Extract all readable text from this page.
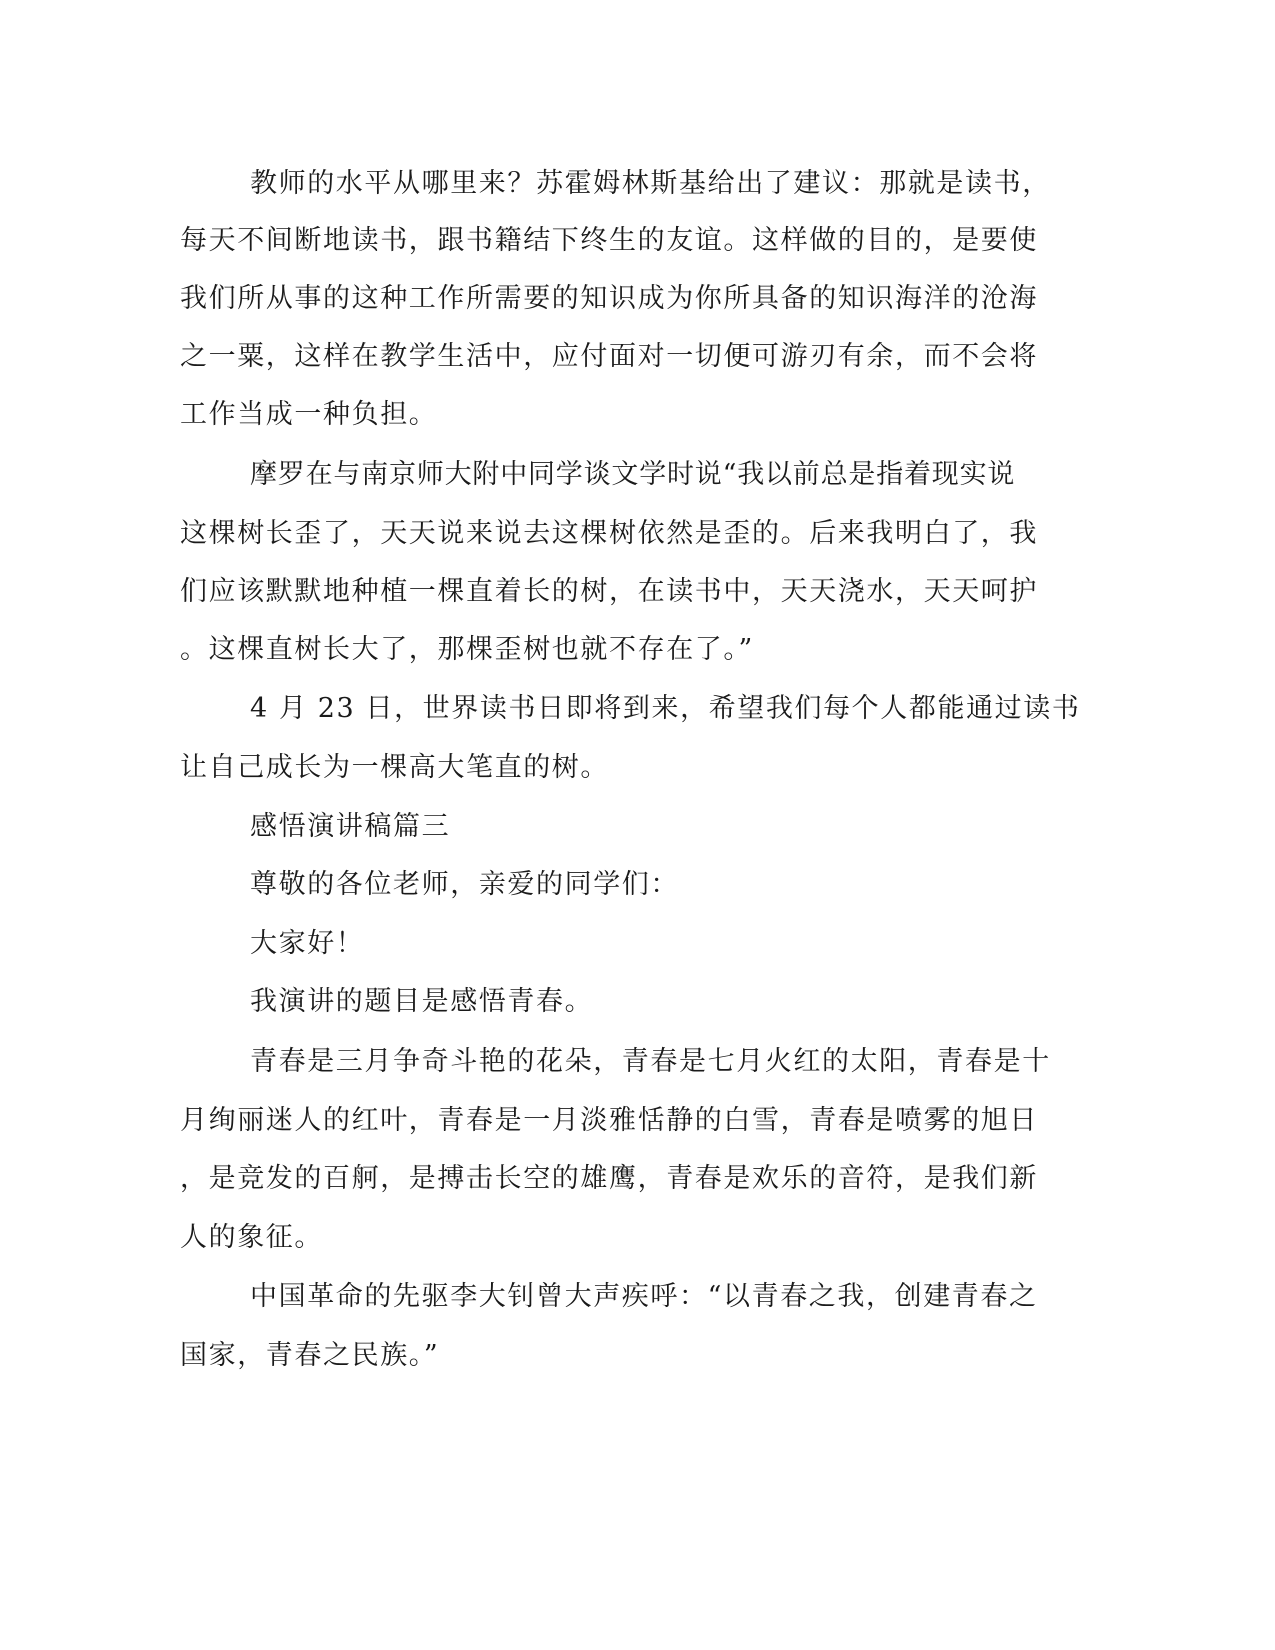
教师的水平从哪里来？苏霍姆林斯基给出了建议：那就是读书，
每天不间断地读书，跟书籍结下终生的友谊。这样做的目的，是要使
我们所从事的这种工作所需要的知识成为你所具备的知识海洋的沧海
之一粟，这样在教学生活中，应付面对一切便可游刃有余，而不会将
工作当成一种负担。
摩罗在与南京师大附中同学谈文学时说“我以前总是指着现实说
这棵树长歪了，天天说来说去这棵树依然是歪的。后来我明白了，我
们应该默默地种植一棵直着长的树，在读书中，天天浇水，天天呵护
。这棵直树长大了，那棵歪树也就不存在了。”
4 月 23 日，世界读书日即将到来，希望我们每个人都能通过读书
让自己成长为一棵高大笔直的树。
感悟演讲稿篇三
尊敬的各位老师，亲爱的同学们：
大家好！
我演讲的题目是感悟青春。
青春是三月争奇斗艳的花朵，青春是七月火红的太阳，青春是十
月绚丽迷人的红叶，青春是一月淡雅恬静的白雪，青春是喷雾的旭日
，是竞发的百舸，是搏击长空的雄鹰，青春是欢乐的音符，是我们新
人的象征。
中国革命的先驱李大钊曾大声疾呼：“以青春之我，创建青春之
国家，青春之民族。”
